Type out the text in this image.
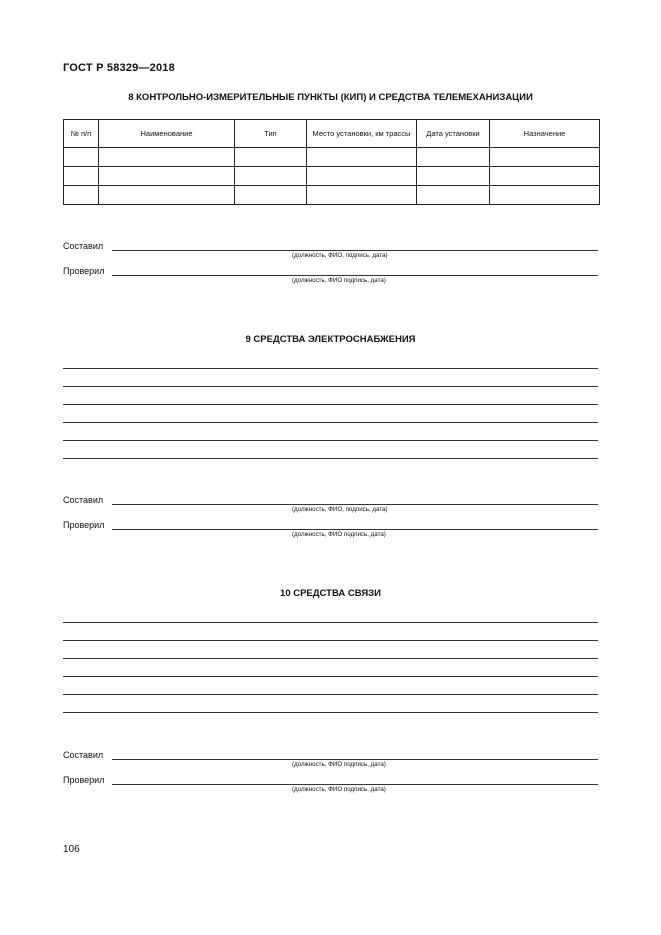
ГОСТ Р 58329—2018
8 КОНТРОЛЬНО-ИЗМЕРИТЕЛЬНЫЕ ПУНКТЫ (КИП) И СРЕДСТВА ТЕЛЕМЕХАНИЗАЦИИ
№ п/п	Наименование	Тип	Место установки, км трассы	Дата установки	Назначение

Составил
(должность, ФИО, подпись, дата)
Проверил
(должность, ФИО подпись, дата)
9 СРЕДСТВА ЭЛЕКТРОСНАБЖЕНИЯ
Составил
(должность, ФИО, подпись, дата)
Проверил
(должность, ФИО подпись, дата)
10 СРЕДСТВА СВЯЗИ
Составил
(должность, ФИО подпись, дата)
Проверил
(должность, ФИО подпись. дата)
106
